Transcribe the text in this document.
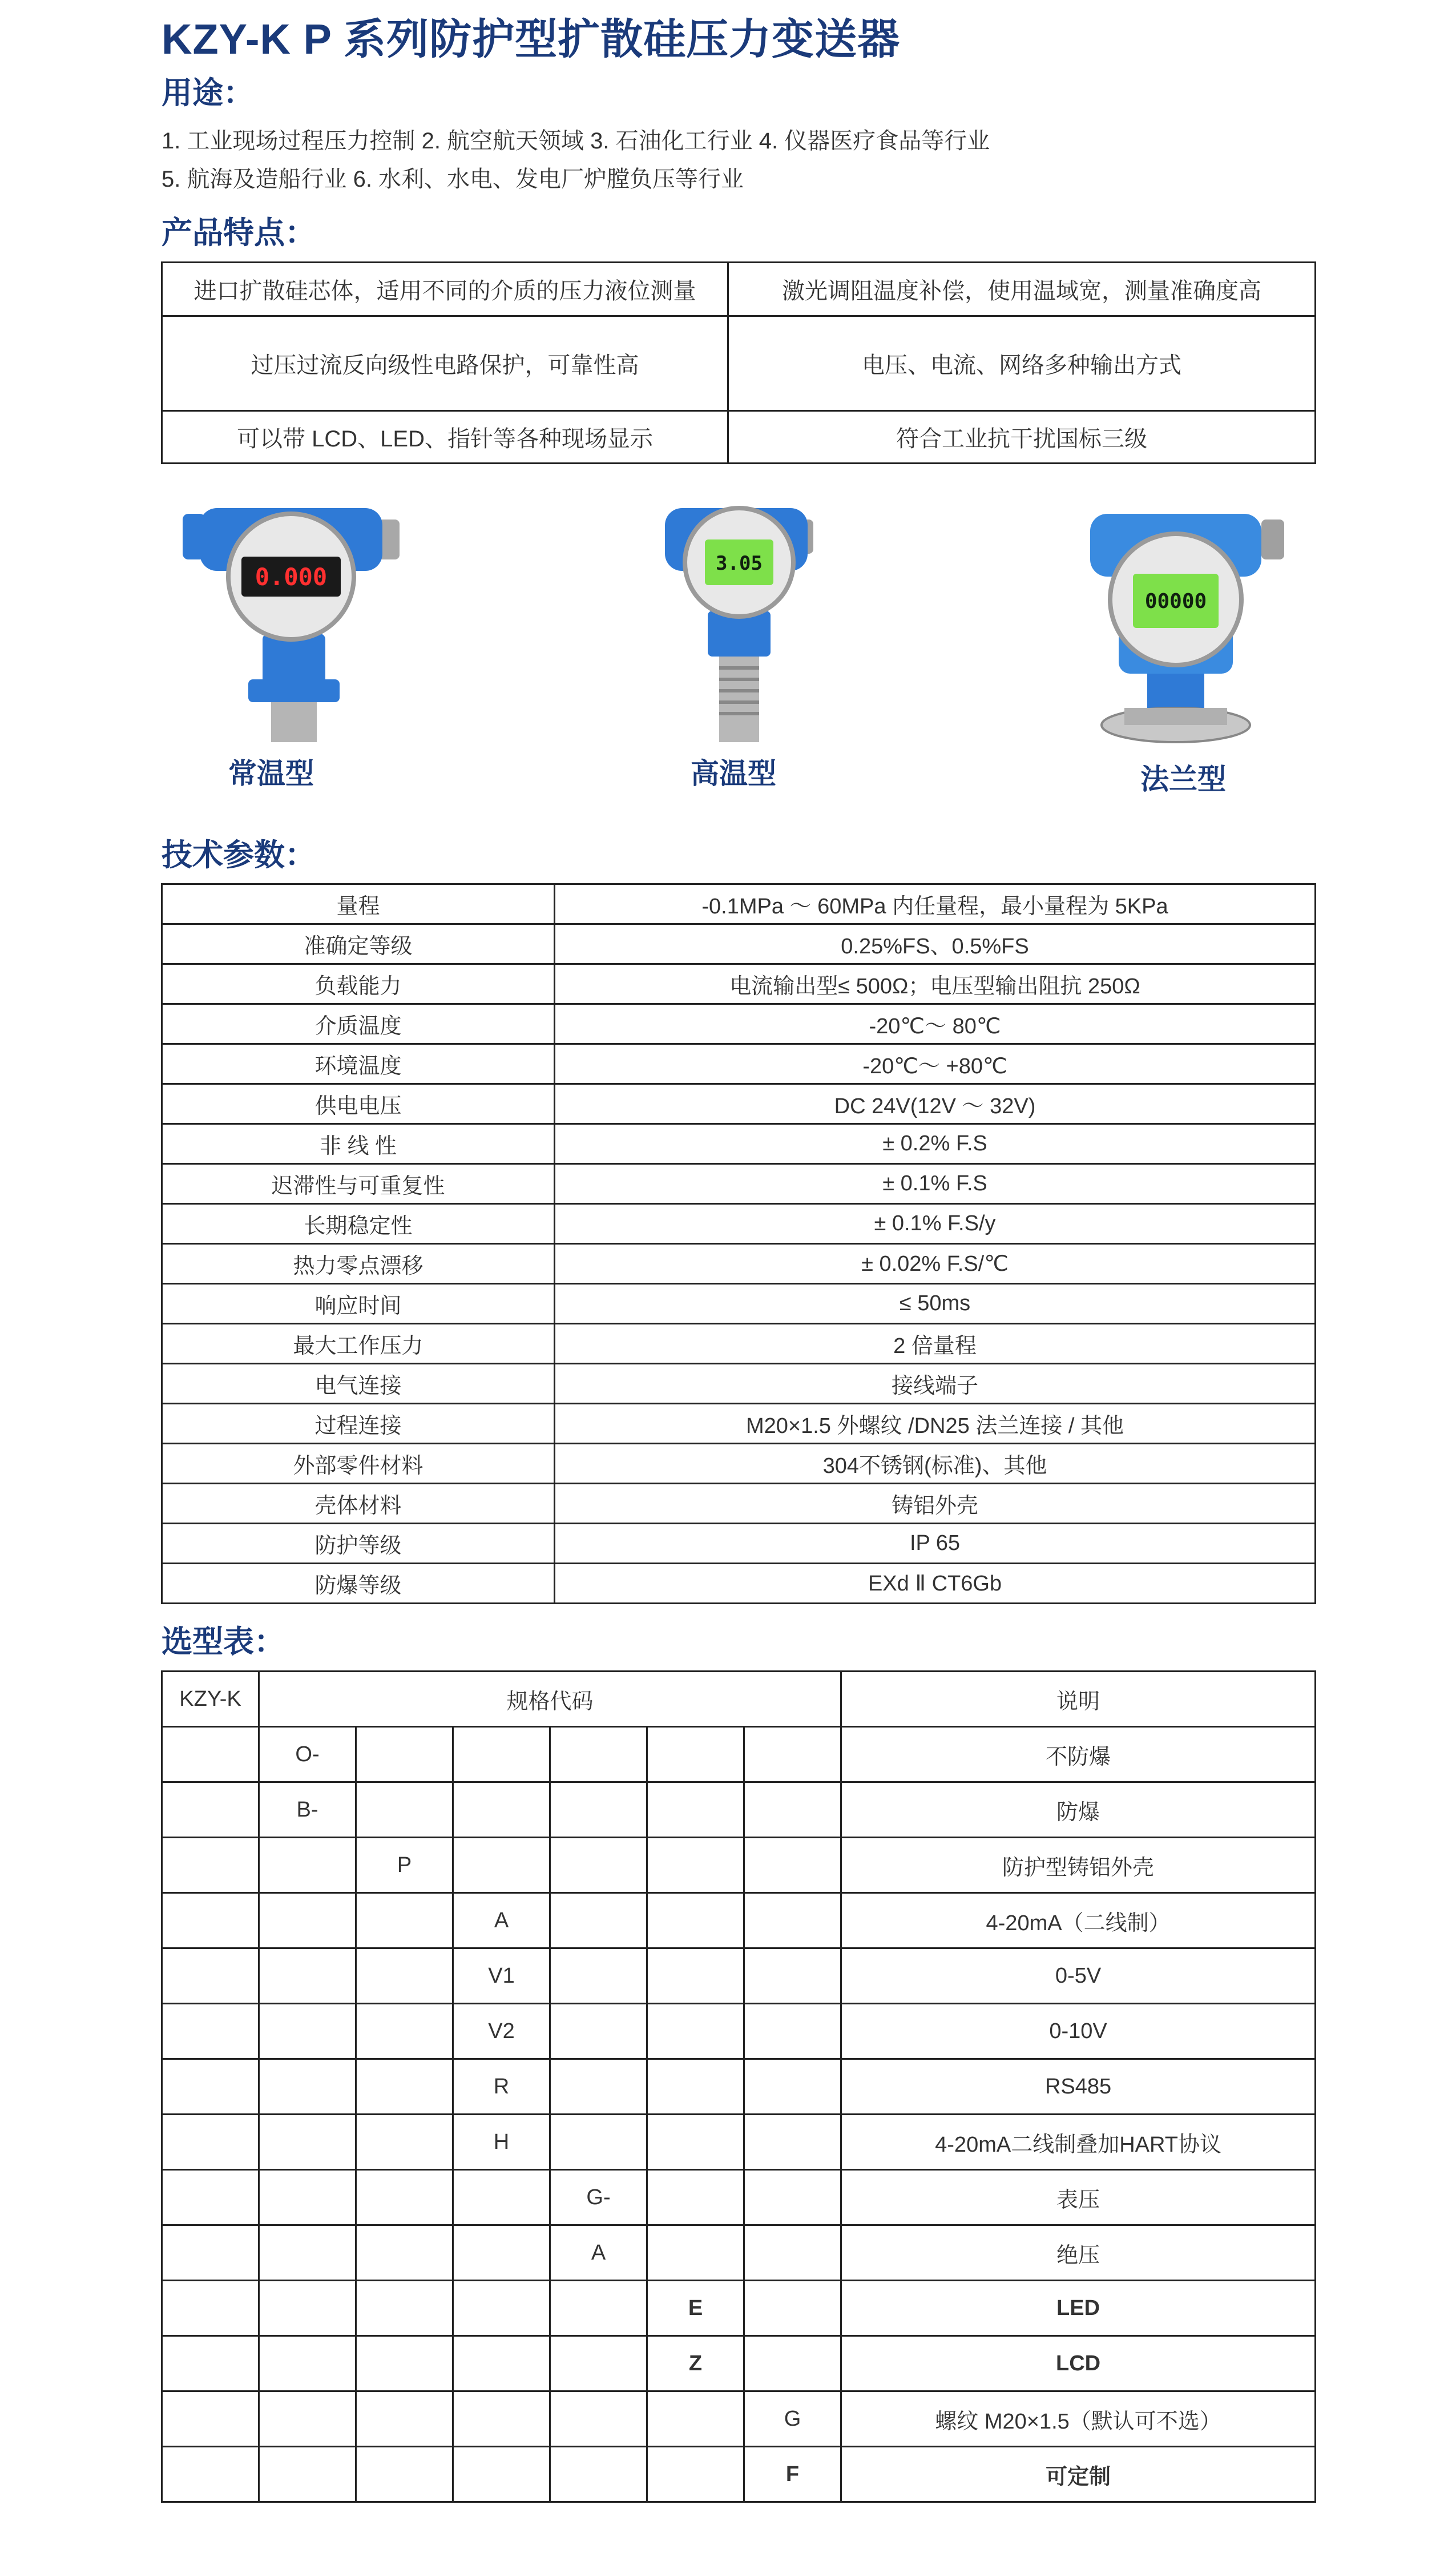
KZY-K P 系列防护型扩散硅压力变送器
用途：
1. 工业现场过程压力控制 2. 航空航天领域 3. 石油化工行业 4. 仪器医疗食品等行业
5. 航海及造船行业 6. 水利、水电、发电厂炉膛负压等行业
产品特点：
进口扩散硅芯体，适用不同的介质的压力液位测量	激光调阻温度补偿，使用温域宽，测量准确度高
过压过流反向级性电路保护，可靠性高	电压、电流、网络多种输出方式
可以带 LCD、LED、指针等各种现场显示	符合工业抗干扰国标三级
0.000
常温型
3.05
高温型
00000
法兰型
技术参数：
量程	-0.1MPa ～ 60MPa 内任量程，最小量程为 5KPa
准确定等级	0.25%FS、0.5%FS
负载能力	电流输出型≤ 500Ω；电压型输出阻抗 250Ω
介质温度	-20℃～ 80℃
环境温度	-20℃～ +80℃
供电电压	DC 24V(12V ～ 32V)
非 线 性	± 0.2% F.S
迟滞性与可重复性	± 0.1% F.S
长期稳定性	± 0.1% F.S/y
热力零点漂移	± 0.02% F.S/℃
响应时间	≤ 50ms
最大工作压力	2 倍量程
电气连接	接线端子
过程连接	M20×1.5 外螺纹 /DN25 法兰连接 / 其他
外部零件材料	304不锈钢(标准)、其他
壳体材料	铸铝外壳
防护等级	IP 65
防爆等级	EXd Ⅱ CT6Gb
选型表：
KZY-K	规格代码						说明
	O-						不防爆
	B-						防爆
		P					防护型铸铝外壳
			A				4-20mA（二线制）
			V1				0-5V
			V2				0-10V
			R				RS485
			H				4-20mA二线制叠加HART协议
				G-			表压
				A			绝压
					E		LED
					Z		LCD
						G	螺纹 M20×1.5（默认可不选）
						F	可定制
